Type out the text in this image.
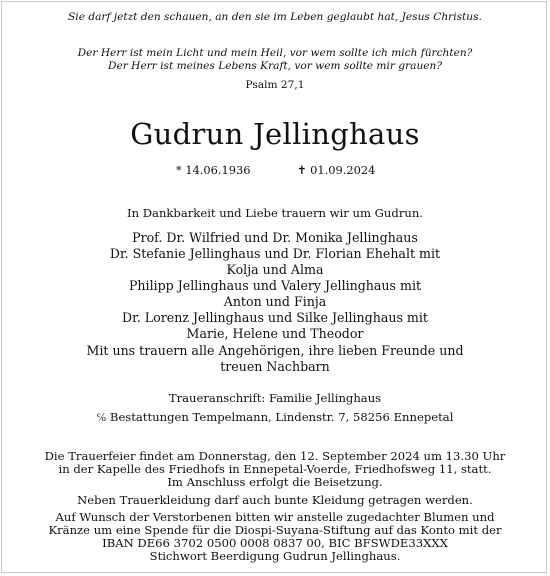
Sie darf jetzt den schauen, an den sie im Leben geglaubt hat, Jesus Christus.
Der Herr ist mein Licht und mein Heil, vor wem sollte ich mich fürchten?
Der Herr ist meines Lebens Kraft, vor wem sollte mir grauen?
Psalm 27,1
Gudrun Jellinghaus
* 14.06.1936	✝ 01.09.2024
In Dankbarkeit und Liebe trauern wir um Gudrun.
Prof. Dr. Wilfried und Dr. Monika Jellinghaus
Dr. Stefanie Jellinghaus und Dr. Florian Ehehalt mit
Kolja und Alma
Philipp Jellinghaus und Valery Jellinghaus mit
Anton und Finja
Dr. Lorenz Jellinghaus und Silke Jellinghaus mit
Marie, Helene und Theodor
Mit uns trauern alle Angehörigen, ihre lieben Freunde und
treuen Nachbarn
Traueranschrift: Familie Jellinghaus
℅ Bestattungen Tempelmann, Lindenstr. 7, 58256 Ennepetal
Die Trauerfeier findet am Donnerstag, den 12. September 2024 um 13.30 Uhr
in der Kapelle des Friedhofs in Ennepetal-Voerde, Friedhofsweg 11, statt.
Im Anschluss erfolgt die Beisetzung.
Neben Trauerkleidung darf auch bunte Kleidung getragen werden.
Auf Wunsch der Verstorbenen bitten wir anstelle zugedachter Blumen und
Kränze um eine Spende für die Diospi-Suyana-Stiftung auf das Konto mit der
IBAN DE66 3702 0500 0008 0837 00, BIC BFSWDE33XXX
Stichwort Beerdigung Gudrun Jellinghaus.
